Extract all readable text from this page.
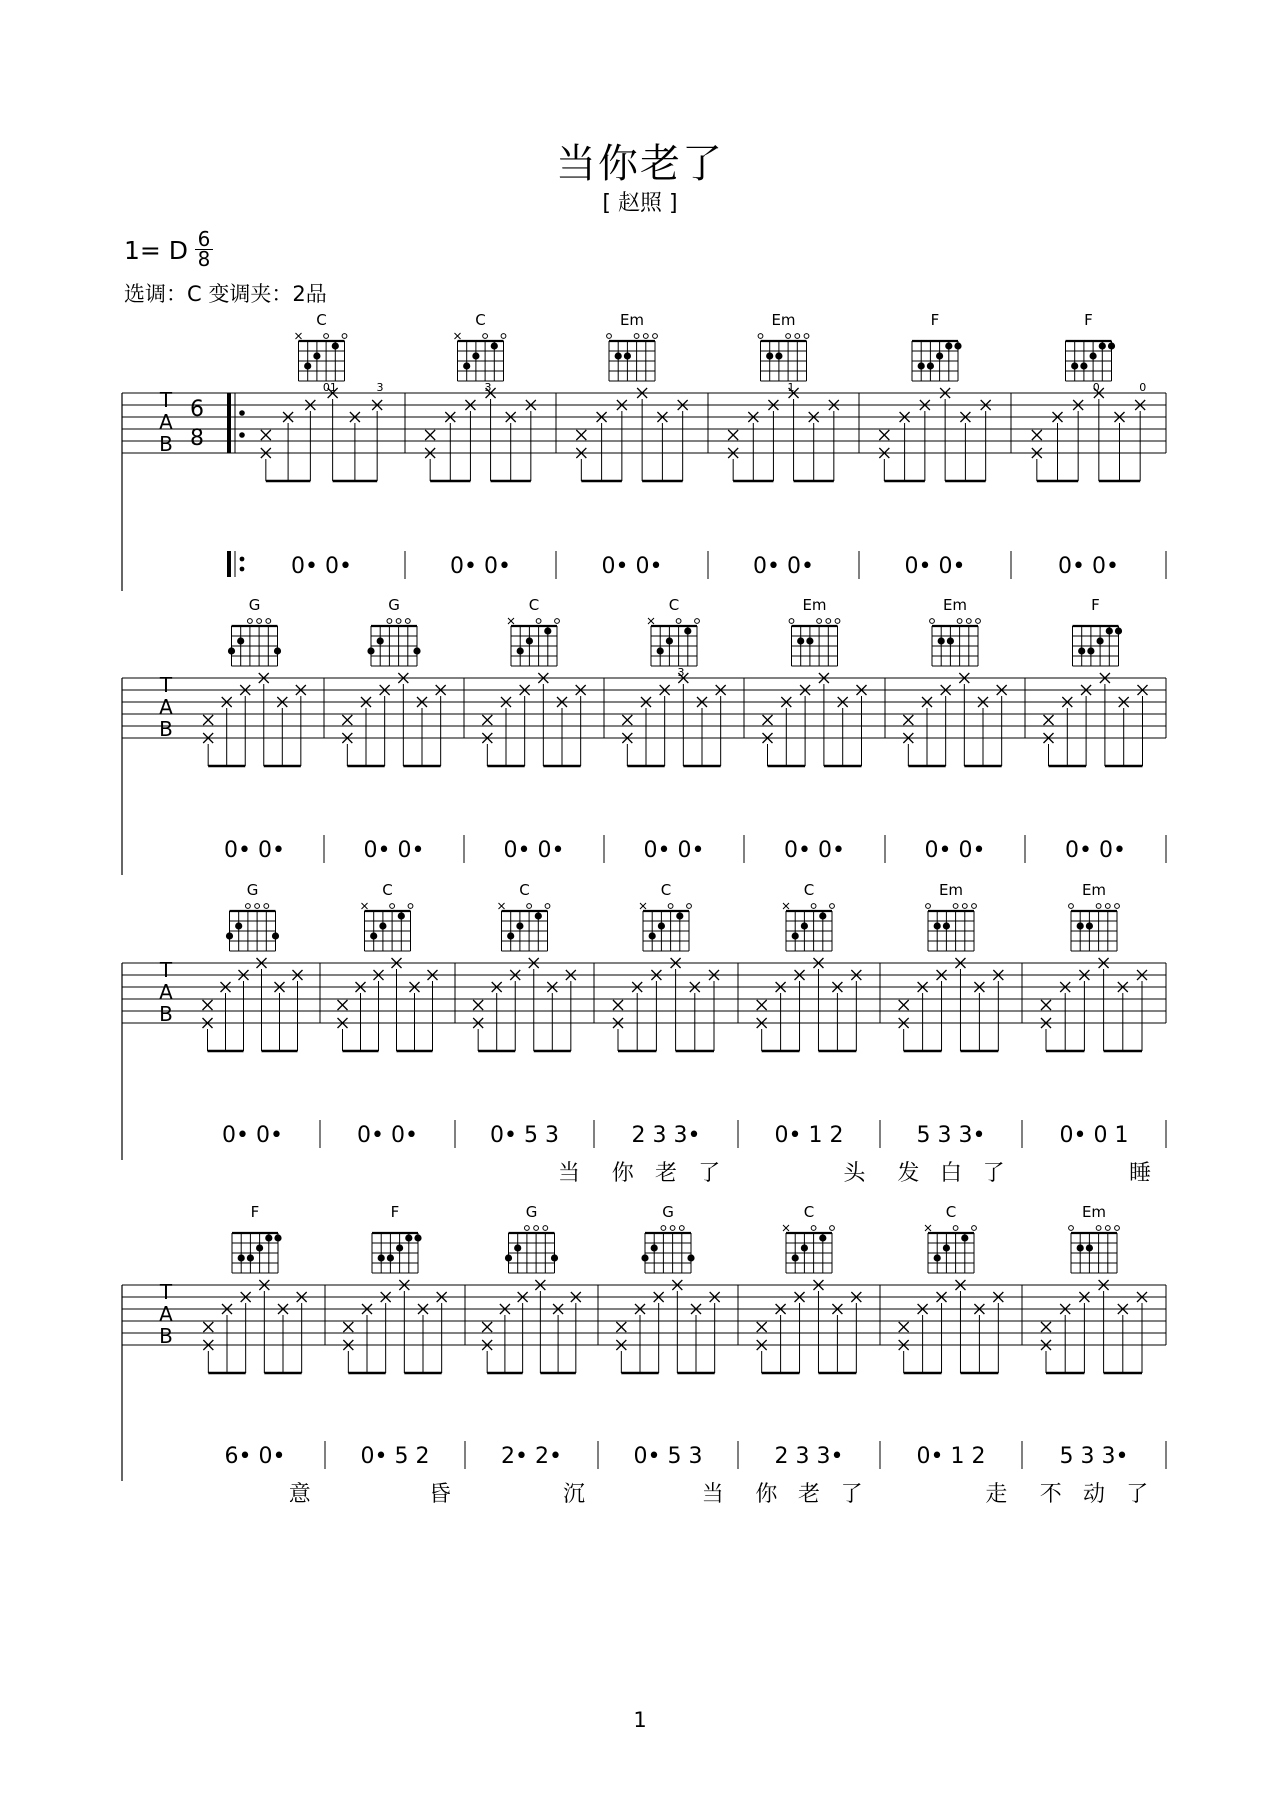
当你老了
[ 赵照 ]
1= D 6
8
选调：C 变调夹：2品
T
A
B
6
8
C
01	3
0• 0•
C
3
0• 0•
Em
0• 0•
Em
1
0• 0•
F
0• 0•
F
0	0
0• 0•
T
A
B
G
0• 0•
G
0• 0•
C
0• 0•
C
3
0• 0•
Em
0• 0•
Em
0• 0•
F
0• 0•
T
A
B
G
0• 0•
C
0• 0•
C
0• 5 3
当
C
2 3 3•
你 老 了
C
0• 1 2
头
Em
5 3 3•
发 白 了
Em
0• 0 1
睡
T
A
B
F
6• 0•
意
F
0• 5 2
昏
G
2• 2•
沉
G
0• 5 3
当
C
2 3 3•
你 老 了
C
0• 1 2
走
Em
5 3 3•
不 动 了
1
